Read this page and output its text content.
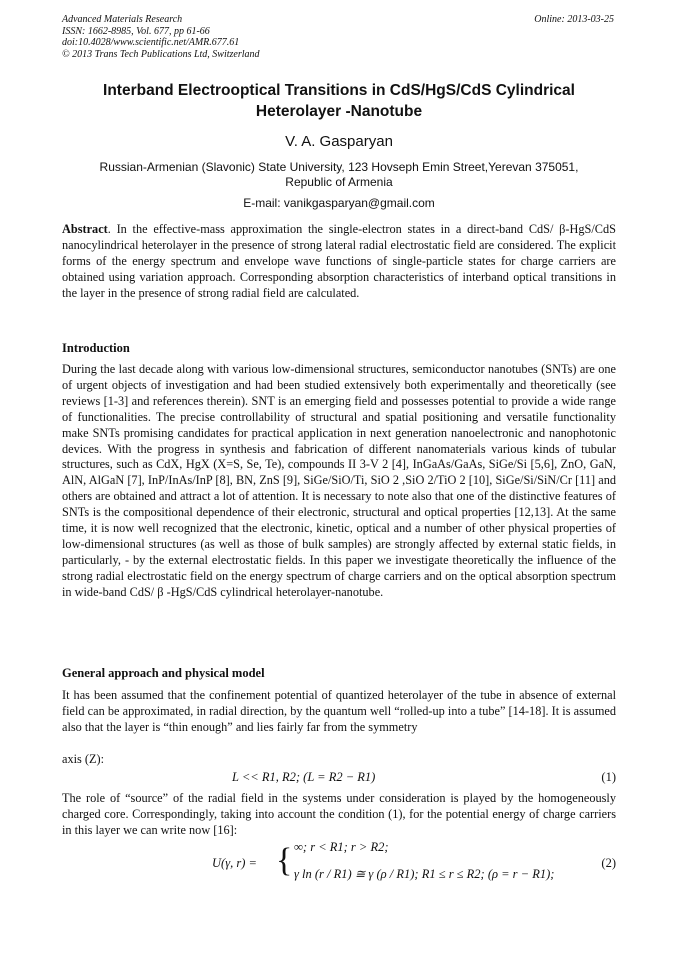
Advanced Materials Research
ISSN: 1662-8985, Vol. 677, pp 61-66
doi:10.4028/www.scientific.net/AMR.677.61
© 2013 Trans Tech Publications Ltd, Switzerland
Online: 2013-03-25
Interband Electrooptical Transitions in CdS/HgS/CdS Cylindrical
Heterolayer -Nanotube
V. A. Gasparyan
Russian-Armenian (Slavonic) State University, 123 Hovseph Emin Street,Yerevan 375051,
Republic of Armenia
E-mail: vanikgasparyan@gmail.com
Abstract. In the effective-mass approximation the single-electron states in a direct-band CdS/ β-HgS/CdS nanocylindrical heterolayer in the presence of strong lateral radial electrostatic field are considered. The explicit forms of the energy spectrum and envelope wave functions of single-particle states for charge carriers are obtained using variation approach. Corresponding absorption characteristics of interband optical transitions in the layer in the presence of strong radial field are calculated.
Introduction
During the last decade along with various low-dimensional structures, semiconductor nanotubes (SNTs) are one of urgent objects of investigation and had been studied extensively both experimentally and theoretically (see reviews [1-3] and references therein). SNT is an emerging field and possesses potential to provide a wide range of functionalities. The precise controllability of structural and spatial positioning and versatile functionality make SNTs promising candidates for practical application in next generation nanoelectronic and nanophotonic devices. With the progress in synthesis and fabrication of different nanomaterials various kinds of tubular structures, such as CdX, HgX (X=S, Se, Te), compounds II 3-V 2 [4], InGaAs/GaAs, SiGe/Si [5,6], ZnO, GaN, AlN, AlGaN [7], InP/InAs/InP [8], BN, ZnS [9], SiGe/SiO/Ti, SiO 2 ,SiO 2/TiO 2 [10], SiGe/Si/SiN/Cr [11] and others are obtained and attract a lot of attention. It is necessary to note also that one of the distinctive features of SNTs is the compositional dependence of their electronic, structural and optical properties [12,13]. At the same time, it is now well recognized that the electronic, kinetic, optical and a number of other physical properties of low-dimensional structures (as well as those of bulk samples) are strongly affected by external static fields, in particularly, - by the external electrostatic fields. In this paper we investigate theoretically the influence of the strong radial electrostatic field on the energy spectrum of charge carriers and on the optical absorption spectrum in wide-band CdS/ β -HgS/CdS cylindrical heterolayer-nanotube.
General approach and physical model
It has been assumed that the confinement potential of quantized heterolayer of the tube in absence of external field can be approximated, in radial direction, by the quantum well “rolled-up into a tube” [14-18]. It is assumed also that the layer is “thin enough” and lies fairly far from the symmetry
axis (Z):
L << R1, R2; (L = R2 − R1)	(1)
The role of “source” of the radial field in the systems under consideration is played by the homogeneously charged core. Correspondingly, taking into account the condition (1), for the potential energy of charge carriers in this layer we can write now [16]:
U(γ, r) = { ∞; r < R1; r > R2;
γ ln (r / R1) ≅ γ (ρ / R1); R1 ≤ r ≤ R2; (ρ = r − R1);
(2)
